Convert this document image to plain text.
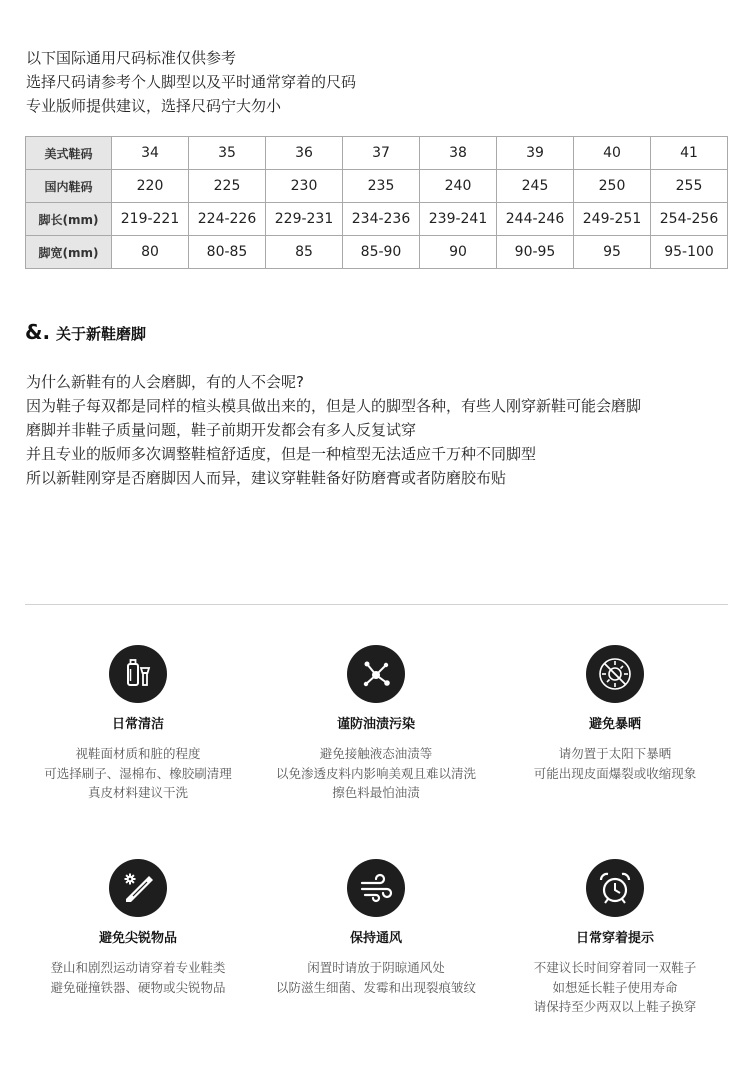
以下国际通用尺码标准仅供参考
选择尺码请参考个人脚型以及平时通常穿着的尺码
专业版师提供建议，选择尺码宁大勿小
美式鞋码	34	35	36	37	38	39	40	41
国内鞋码	220	225	230	235	240	245	250	255
脚长(mm)	219-221	224-226	229-231	234-236	239-241	244-246	249-251	254-256
脚宽(mm)	80	80-85	85	85-90	90	90-95	95	95-100
&. 关于新鞋磨脚
为什么新鞋有的人会磨脚，有的人不会呢?
因为鞋子每双都是同样的楦头模具做出来的，但是人的脚型各种，有些人刚穿新鞋可能会磨脚
磨脚并非鞋子质量问题，鞋子前期开发都会有多人反复试穿
并且专业的版师多次调整鞋楦舒适度，但是一种楦型无法适应千万种不同脚型
所以新鞋刚穿是否磨脚因人而异，建议穿鞋鞋备好防磨膏或者防磨胶布贴
日常清洁
视鞋面材质和脏的程度
可选择刷子、湿棉布、橡胶刷清理
真皮材料建议干洗
谨防油渍污染
避免接触液态油渍等
以免渗透皮料内影响美观且难以清洗
擦色料最怕油渍
避免暴晒
请勿置于太阳下暴晒
可能出现皮面爆裂或收缩现象
避免尖锐物品
登山和剧烈运动请穿着专业鞋类
避免碰撞铁器、硬物或尖锐物品
保持通风
闲置时请放于阴晾通风处
以防滋生细菌、发霉和出现裂痕皱纹
日常穿着提示
不建议长时间穿着同一双鞋子
如想延长鞋子使用寿命
请保持至少两双以上鞋子换穿
